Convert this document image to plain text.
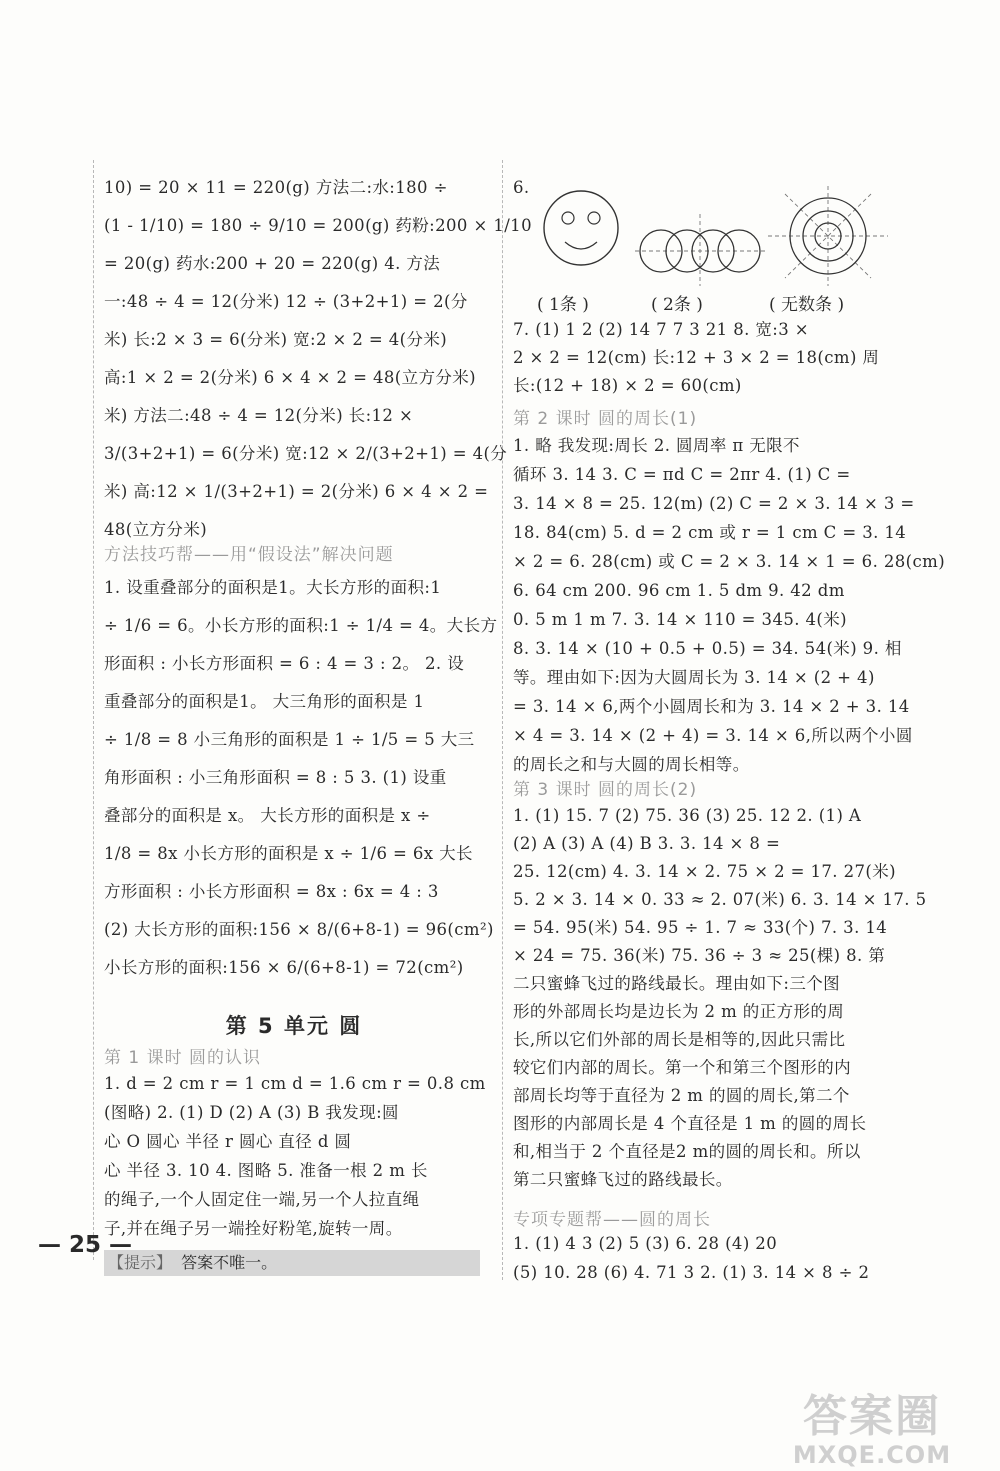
10) = 20 × 11 = 220(g) 方法二:水:180 ÷
(1 - 1/10) = 180 ÷ 9/10 = 200(g) 药粉:200 × 1/10
= 20(g) 药水:200 + 20 = 220(g) 4. 方法
一:48 ÷ 4 = 12(分米) 12 ÷ (3+2+1) = 2(分
米) 长:2 × 3 = 6(分米) 宽:2 × 2 = 4(分米)
高:1 × 2 = 2(分米) 6 × 4 × 2 = 48(立方分米)
米) 方法二:48 ÷ 4 = 12(分米) 长:12 ×
3/(3+2+1) = 6(分米) 宽:12 × 2/(3+2+1) = 4(分
米) 高:12 × 1/(3+2+1) = 2(分米) 6 × 4 × 2 =
48(立方分米)
方法技巧帮——用“假设法”解决问题
1. 设重叠部分的面积是1。大长方形的面积:1
÷ 1/6 = 6。小长方形的面积:1 ÷ 1/4 = 4。大长方
形面积 : 小长方形面积 = 6 : 4 = 3 : 2。 2. 设
重叠部分的面积是1。 大三角形的面积是 1
÷ 1/8 = 8 小三角形的面积是 1 ÷ 1/5 = 5 大三
角形面积 : 小三角形面积 = 8 : 5 3. (1) 设重
叠部分的面积是 x。 大长方形的面积是 x ÷
1/8 = 8x 小长方形的面积是 x ÷ 1/6 = 6x 大长
方形面积 : 小长方形面积 = 8x : 6x = 4 : 3
(2) 大长方形的面积:156 × 8/(6+8-1) = 96(cm²)
小长方形的面积:156 × 6/(6+8-1) = 72(cm²)
第 5 单元 圆
第 1 课时 圆的认识
1. d = 2 cm r = 1 cm d = 1.6 cm r = 0.8 cm
(图略) 2. (1) D (2) A (3) B 我发现:圆
心 O 圆心 半径 r 圆心 直径 d 圆
心 半径 3. 10 4. 图略 5. 准备一根 2 m 长
的绳子,一个人固定住一端,另一个人拉直绳
子,并在绳子另一端拴好粉笔,旋转一周。
【提示】 答案不唯一。
6.
( 1条 )	( 2条 )	( 无数条 )
7. (1) 1 2 (2) 14 7 7 3 21 8. 宽:3 ×
2 × 2 = 12(cm) 长:12 + 3 × 2 = 18(cm) 周
长:(12 + 18) × 2 = 60(cm)
第 2 课时 圆的周长(1)
1. 略 我发现:周长 2. 圆周率 π 无限不
循环 3. 14 3. C = πd C = 2πr 4. (1) C =
3. 14 × 8 = 25. 12(m) (2) C = 2 × 3. 14 × 3 =
18. 84(cm) 5. d = 2 cm 或 r = 1 cm C = 3. 14
× 2 = 6. 28(cm) 或 C = 2 × 3. 14 × 1 = 6. 28(cm)
6. 64 cm 200. 96 cm 1. 5 dm 9. 42 dm
0. 5 m 1 m 7. 3. 14 × 110 = 345. 4(米)
8. 3. 14 × (10 + 0.5 + 0.5) = 34. 54(米) 9. 相
等。理由如下:因为大圆周长为 3. 14 × (2 + 4)
= 3. 14 × 6,两个小圆周长和为 3. 14 × 2 + 3. 14
× 4 = 3. 14 × (2 + 4) = 3. 14 × 6,所以两个小圆
的周长之和与大圆的周长相等。
第 3 课时 圆的周长(2)
1. (1) 15. 7 (2) 75. 36 (3) 25. 12 2. (1) A
(2) A (3) A (4) B 3. 3. 14 × 8 =
25. 12(cm) 4. 3. 14 × 2. 75 × 2 = 17. 27(米)
5. 2 × 3. 14 × 0. 33 ≈ 2. 07(米) 6. 3. 14 × 17. 5
= 54. 95(米) 54. 95 ÷ 1. 7 ≈ 33(个) 7. 3. 14
× 24 = 75. 36(米) 75. 36 ÷ 3 ≈ 25(棵) 8. 第
二只蜜蜂飞过的路线最长。理由如下:三个图
形的外部周长均是边长为 2 m 的正方形的周
长,所以它们外部的周长是相等的,因此只需比
较它们内部的周长。第一个和第三个图形的内
部周长均等于直径为 2 m 的圆的周长,第二个
图形的内部周长是 4 个直径是 1 m 的圆的周长
和,相当于 2 个直径是2 m的圆的周长和。所以
第二只蜜蜂飞过的路线最长。
专项专题帮——圆的周长
1. (1) 4 3 (2) 5 (3) 6. 28 (4) 20
(5) 10. 28 (6) 4. 71 3 2. (1) 3. 14 × 8 ÷ 2
— 25 —
答案圈
MXQE.COM
